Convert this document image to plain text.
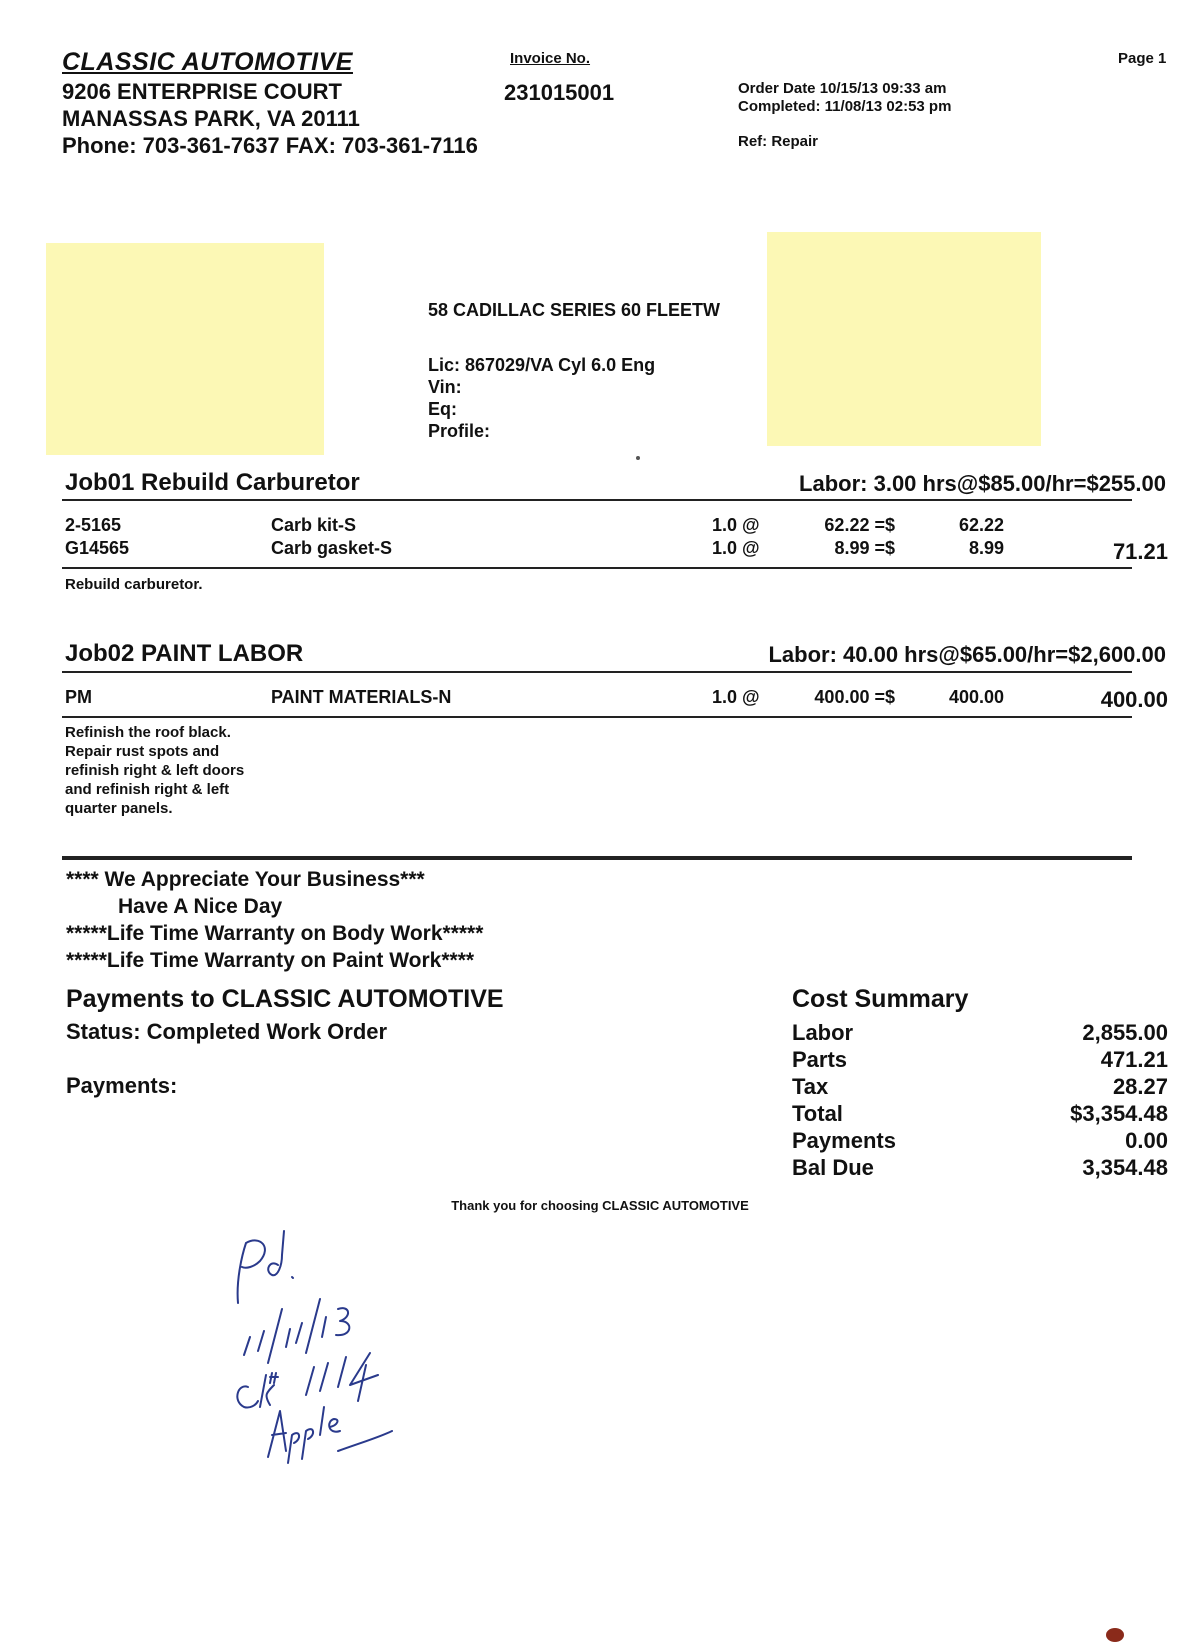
CLASSIC AUTOMOTIVE
9206 ENTERPRISE COURT
MANASSAS PARK, VA 20111
Phone: 703-361-7637 FAX: 703-361-7116
Invoice No.
231015001
Page 1
Order Date 10/15/13 09:33 am
Completed: 11/08/13 02:53 pm
Ref: Repair
58 CADILLAC SERIES 60 FLEETW
Lic: 867029/VA Cyl 6.0 Eng
Vin:
Eq:
Profile:
Job01 Rebuild Carburetor	Labor: 3.00 hrs@$85.00/hr=$255.00
2-5165	Carb kit-S	1.0 @	62.22 =$	62.22
G14565	Carb gasket-S	1.0 @	8.99 =$	8.99	71.21
Rebuild carburetor.
Job02 PAINT LABOR	Labor: 40.00 hrs@$65.00/hr=$2,600.00
PM	PAINT MATERIALS-N	1.0 @	400.00 =$	400.00	400.00
Refinish the roof black.
Repair rust spots and
refinish right & left doors
and refinish right & left
quarter panels.
**** We Appreciate Your Business***
Have A Nice Day
*****Life Time Warranty on Body Work*****
*****Life Time Warranty on Paint Work****
Payments to CLASSIC AUTOMOTIVE
Status: Completed Work Order
Payments:
Cost Summary
Labor	2,855.00
Parts	471.21
Tax	28.27
Total	$3,354.48
Payments	0.00
Bal Due	3,354.48
Thank you for choosing CLASSIC AUTOMOTIVE
